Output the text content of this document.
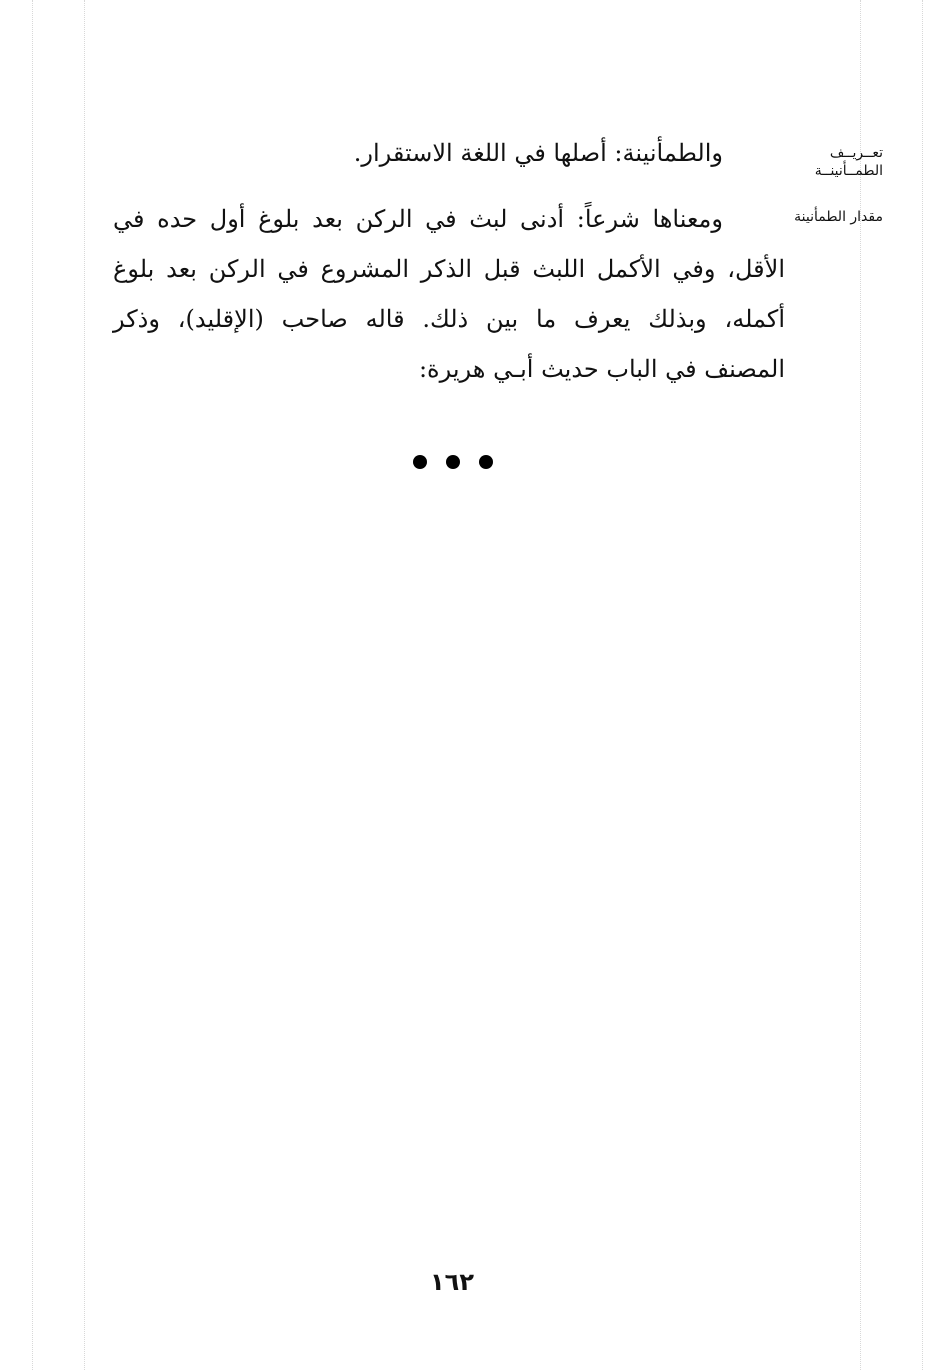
تعــريــف
الطمــأنينــة
مقدار الطمأنينة
والطمأنينة: أصلها في اللغة الاستقرار.
ومعناها شرعاً: أدنى لبث في الركن بعد بلوغ أول حده في
الأقل، وفي الأكمل اللبث قبل الذكر المشروع في الركن بعد بلوغ
أكمله، وبذلك يعرف ما بين ذلك. قاله صاحب (الإقليد)، وذكر
المصنف في الباب حديث أبـي هريرة:
١٦٢
